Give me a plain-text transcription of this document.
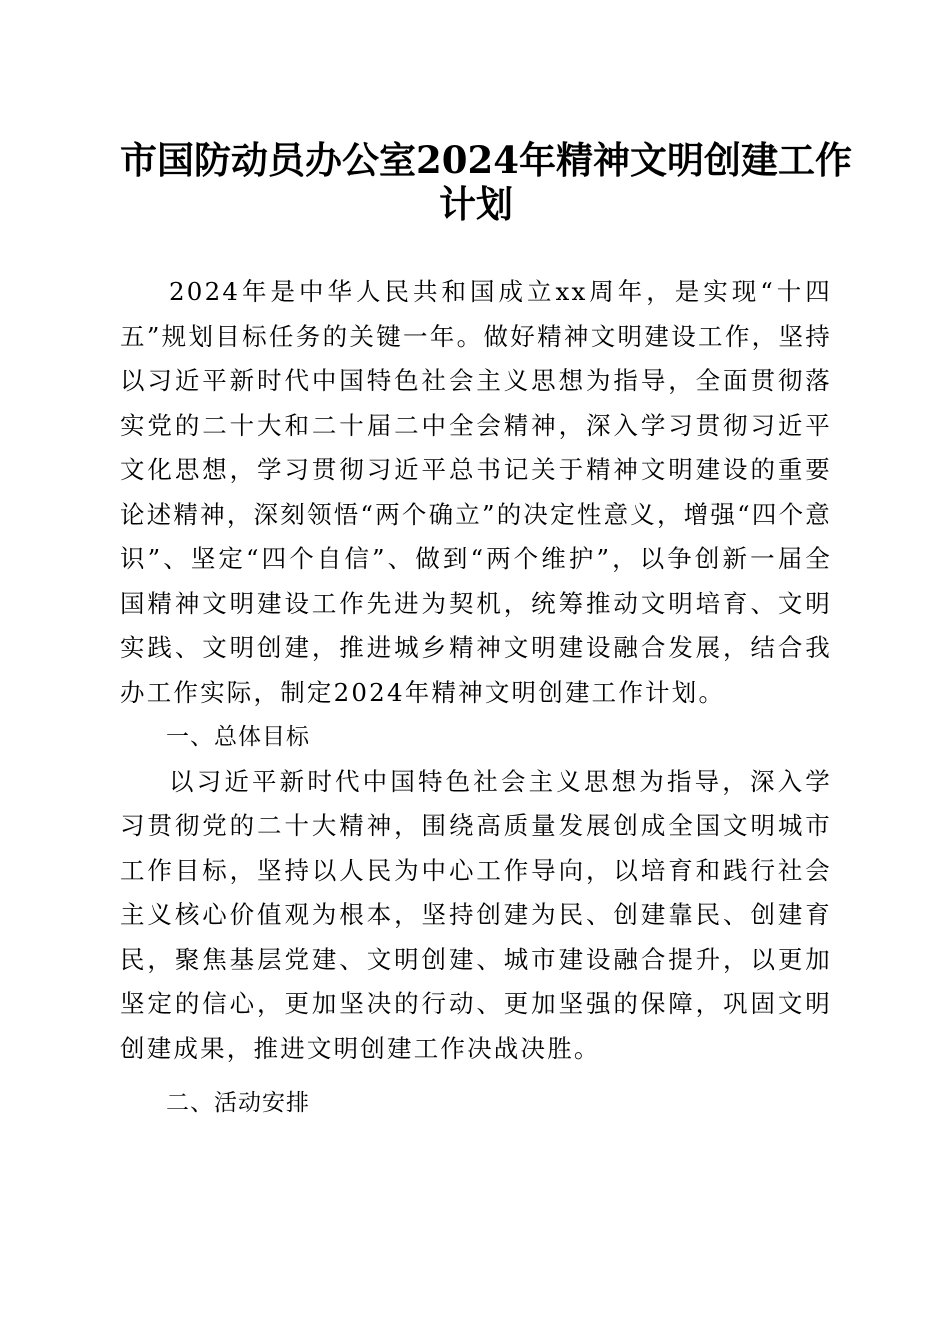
市国防动员办公室2024年精神文明创建工作
计划

2024年是中华人民共和国成立xx周年，是实现“十四五”规划目标任务的关键一年。做好精神文明建设工作，坚持以习近平新时代中国特色社会主义思想为指导，全面贯彻落实党的二十大和二十届二中全会精神，深入学习贯彻习近平文化思想，学习贯彻习近平总书记关于精神文明建设的重要论述精神，深刻领悟“两个确立”的决定性意义，增强“四个意识”、坚定“四个自信”、做到“两个维护”，以争创新一届全国精神文明建设工作先进为契机，统筹推动文明培育、文明实践、文明创建，推进城乡精神文明建设融合发展，结合我办工作实际，制定2024年精神文明创建工作计划。

一、总体目标

以习近平新时代中国特色社会主义思想为指导，深入学习贯彻党的二十大精神，围绕高质量发展创成全国文明城市工作目标，坚持以人民为中心工作导向，以培育和践行社会主义核心价值观为根本，坚持创建为民、创建靠民、创建育民，聚焦基层党建、文明创建、城市建设融合提升，以更加坚定的信心，更加坚决的行动、更加坚强的保障，巩固文明创建成果，推进文明创建工作决战决胜。

二、活动安排
